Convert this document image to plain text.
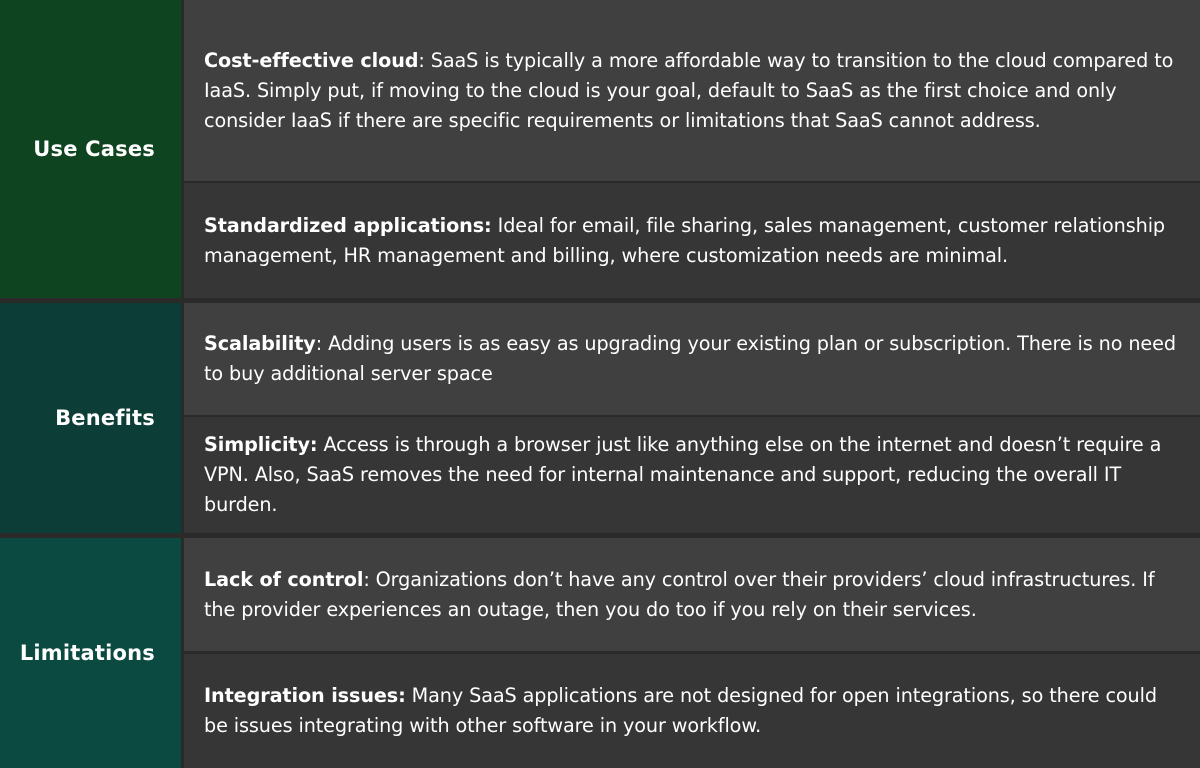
Use Cases

Cost-effective cloud: SaaS is typically a more affordable way to transition to the cloud compared to IaaS. Simply put, if moving to the cloud is your goal, default to SaaS as the first choice and only consider IaaS if there are specific requirements or limitations that SaaS cannot address.

Standardized applications: Ideal for email, file sharing, sales management, customer relationship management, HR management and billing, where customization needs are minimal.

Benefits

Scalability: Adding users is as easy as upgrading your existing plan or subscription. There is no need to buy additional server space

Simplicity: Access is through a browser just like anything else on the internet and doesn’t require a VPN. Also, SaaS removes the need for internal maintenance and support, reducing the overall IT burden.

Limitations

Lack of control: Organizations don’t have any control over their providers’ cloud infrastructures. If the provider experiences an outage, then you do too if you rely on their services.

Integration issues: Many SaaS applications are not designed for open integrations, so there could be issues integrating with other software in your workflow.
